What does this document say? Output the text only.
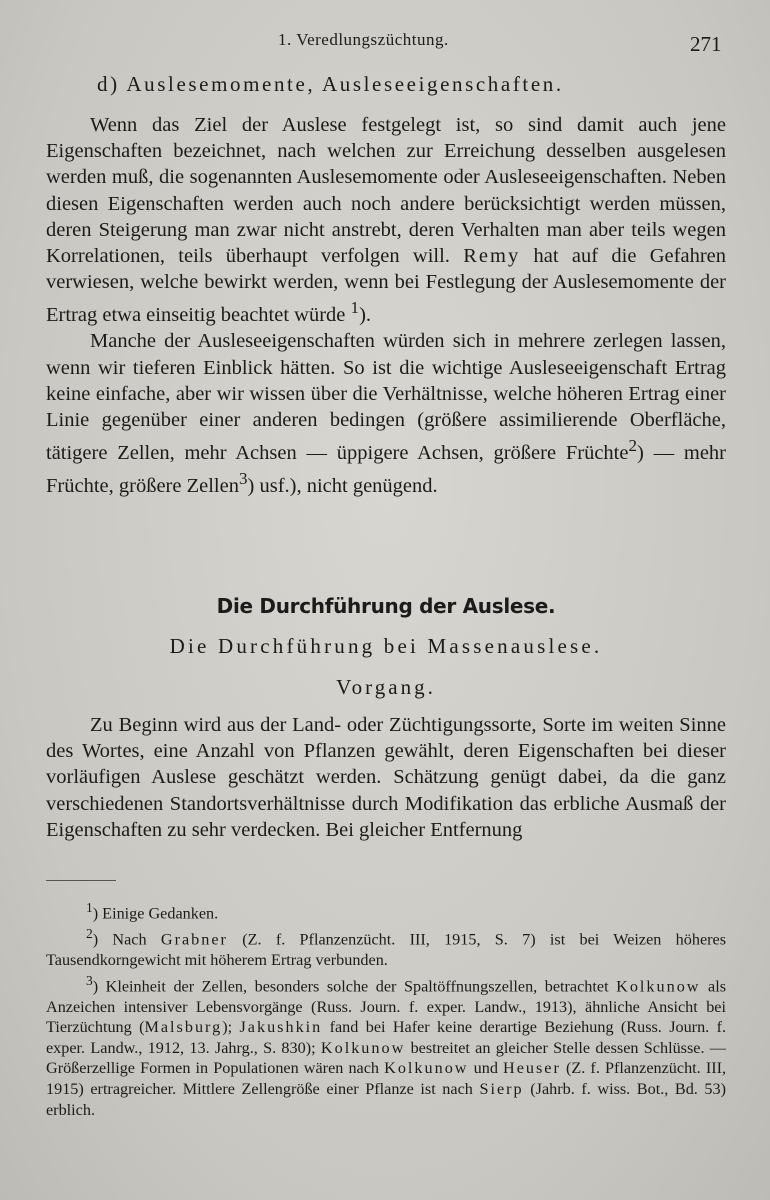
1. Veredlungszüchtung.	271
d) Auslesemomente, Ausleseeigenschaften.

Wenn das Ziel der Auslese festgelegt ist, so sind damit auch jene Eigenschaften bezeichnet, nach welchen zur Erreichung desselben ausgelesen werden muß, die sogenannten Auslesemomente oder Ausleseeigenschaften. Neben diesen Eigenschaften werden auch noch andere berücksichtigt werden müssen, deren Steigerung man zwar nicht anstrebt, deren Verhalten man aber teils wegen Korrelationen, teils überhaupt verfolgen will. Remy hat auf die Gefahren verwiesen, welche bewirkt werden, wenn bei Festlegung der Auslesemomente der Ertrag etwa einseitig beachtet würde $^1$).

Manche der Ausleseeigenschaften würden sich in mehrere zerlegen lassen, wenn wir tieferen Einblick hätten. So ist die wichtige Ausleseeigenschaft Ertrag keine einfache, aber wir wissen über die Verhältnisse, welche höheren Ertrag einer Linie gegenüber einer anderen bedingen (größere assimilierende Oberfläche, tätigere Zellen, mehr Achsen — üppigere Achsen, größere Früchte$^2$) — mehr Früchte, größere Zellen$^3$) usf.), nicht genügend.

Die Durchführung der Auslese.
Die Durchführung bei Massenauslese.
Vorgang.

Zu Beginn wird aus der Land- oder Züchtigungssorte, Sorte im weiten Sinne des Wortes, eine Anzahl von Pflanzen gewählt, deren Eigenschaften bei dieser vorläufigen Auslese geschätzt werden. Schätzung genügt dabei, da die ganz verschiedenen Standortsverhältnisse durch Modifikation das erbliche Ausmaß der Eigenschaften zu sehr verdecken. Bei gleicher Entfernung

$^1$) Einige Gedanken.

$^2$) Nach Grabner (Z. f. Pflanzenzücht. III, 1915, S. 7) ist bei Weizen höheres Tausendkorngewicht mit höherem Ertrag verbunden.

$^3$) Kleinheit der Zellen, besonders solche der Spaltöffnungszellen, betrachtet Kolkunow als Anzeichen intensiver Lebensvorgänge (Russ. Journ. f. exper. Landw., 1913), ähnliche Ansicht bei Tierzüchtung (Malsburg); Jakushkin fand bei Hafer keine derartige Beziehung (Russ. Journ. f. exper. Landw., 1912, 13. Jahrg., S. 830); Kolkunow bestreitet an gleicher Stelle dessen Schlüsse. — Größerzellige Formen in Populationen wären nach Kolkunow und Heuser (Z. f. Pflanzenzücht. III, 1915) ertragreicher. Mittlere Zellengröße einer Pflanze ist nach Sierp (Jahrb. f. wiss. Bot., Bd. 53) erblich.
